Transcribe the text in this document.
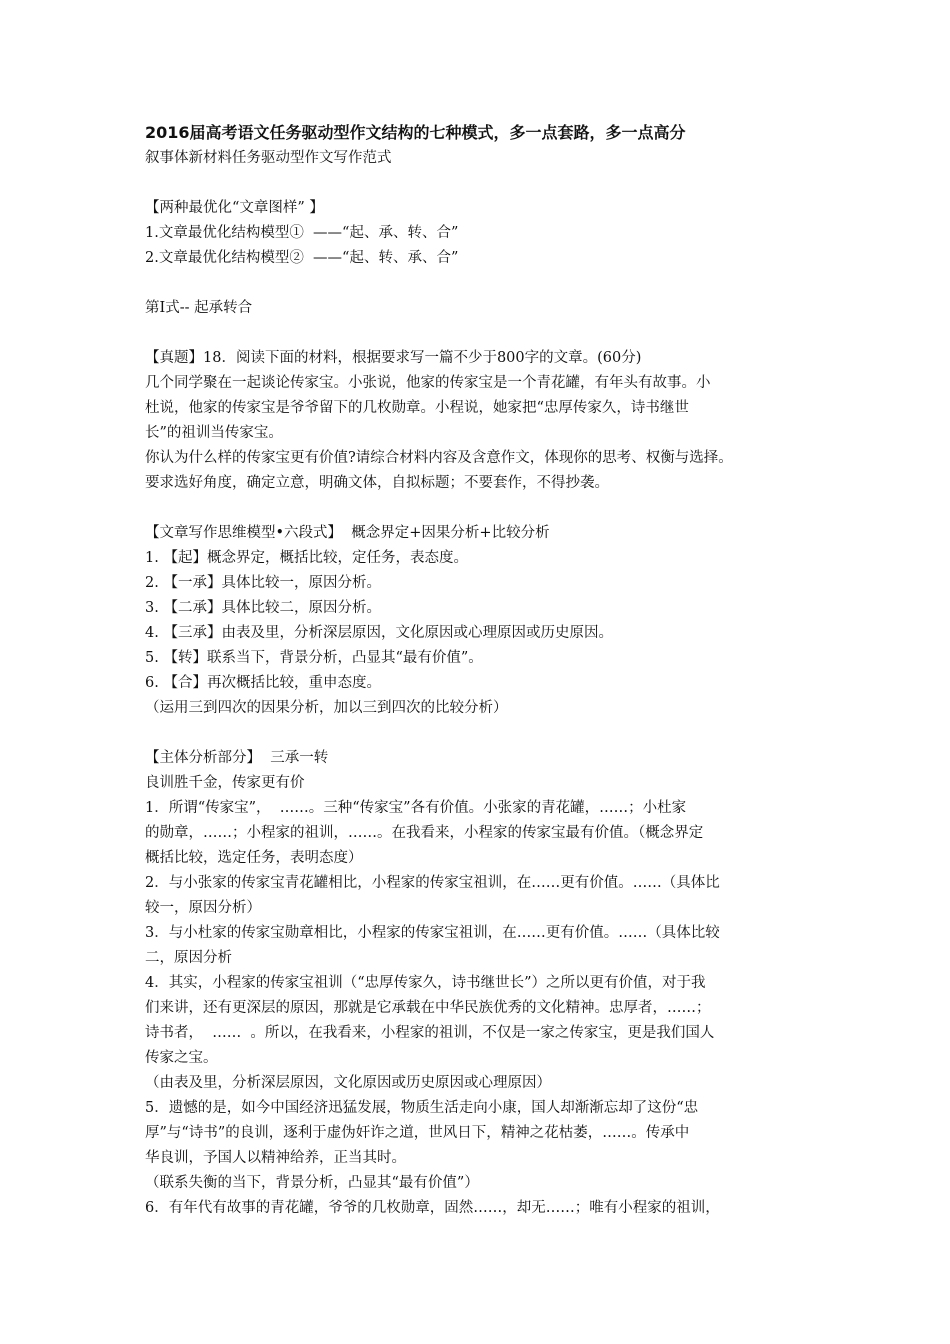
2016届高考语文任务驱动型作文结构的七种模式，多一点套路，多一点高分

叙事体新材料任务驱动型作文写作范式

【两种最优化“文章图样” 】

1.文章最优化结构模型①  ——“起、承、转、合”

2.文章最优化结构模型②  ——“起、转、承、合”

第Ⅰ式-- 起承转合

【真题】18．阅读下面的材料，根据要求写一篇不少于800字的文章。(60分)

几个同学聚在一起谈论传家宝。小张说，他家的传家宝是一个青花罐，有年头有故事。小

杜说，他家的传家宝是爷爷留下的几枚勋章。小程说，她家把“忠厚传家久，诗书继世

长”的祖训当传家宝。

你认为什么样的传家宝更有价值?请综合材料内容及含意作文，体现你的思考、权衡与选择。

要求选好角度，确定立意，明确文体，自拟标题；不要套作，不得抄袭。

【文章写作思维模型•六段式】  概念界定+因果分析+比较分析

1. 【起】概念界定，概括比较，定任务，表态度。

2. 【一承】具体比较一，原因分析。

3. 【二承】具体比较二，原因分析。

4. 【三承】由表及里，分析深层原因，文化原因或心理原因或历史原因。

5. 【转】联系当下，背景分析，凸显其“最有价值”。

6. 【合】再次概括比较，重申态度。

（运用三到四次的因果分析，加以三到四次的比较分析）

【主体分析部分】  三承一转

良训胜千金，传家更有价

1．所谓“传家宝”，  ……。三种“传家宝”各有价值。小张家的青花罐，……；小杜家

的勋章，……；小程家的祖训，……。在我看来，小程家的传家宝最有价值。（概念界定

概括比较，选定任务，表明态度）

2．与小张家的传家宝青花罐相比，小程家的传家宝祖训，在……更有价值。……（具体比

较一，原因分析）

3．与小杜家的传家宝勋章相比，小程家的传家宝祖训，在……更有价值。……（具体比较

二，原因分析

4．其实，小程家的传家宝祖训（“忠厚传家久，诗书继世长”）之所以更有价值，对于我

们来讲，还有更深层的原因，那就是它承载在中华民族优秀的文化精神。忠厚者，……；

诗书者，  ……  。所以，在我看来，小程家的祖训，不仅是一家之传家宝，更是我们国人

传家之宝。

（由表及里，分析深层原因，文化原因或历史原因或心理原因）

5．遗憾的是，如今中国经济迅猛发展，物质生活走向小康，国人却渐渐忘却了这份“忠

厚”与“诗书”的良训，逐利于虚伪奸诈之道，世风日下，精神之花枯萎，……。传承中

华良训，予国人以精神给养，正当其时。

（联系失衡的当下，背景分析，凸显其“最有价值”）

6．有年代有故事的青花罐，爷爷的几枚勋章，固然……，却无……；唯有小程家的祖训，
